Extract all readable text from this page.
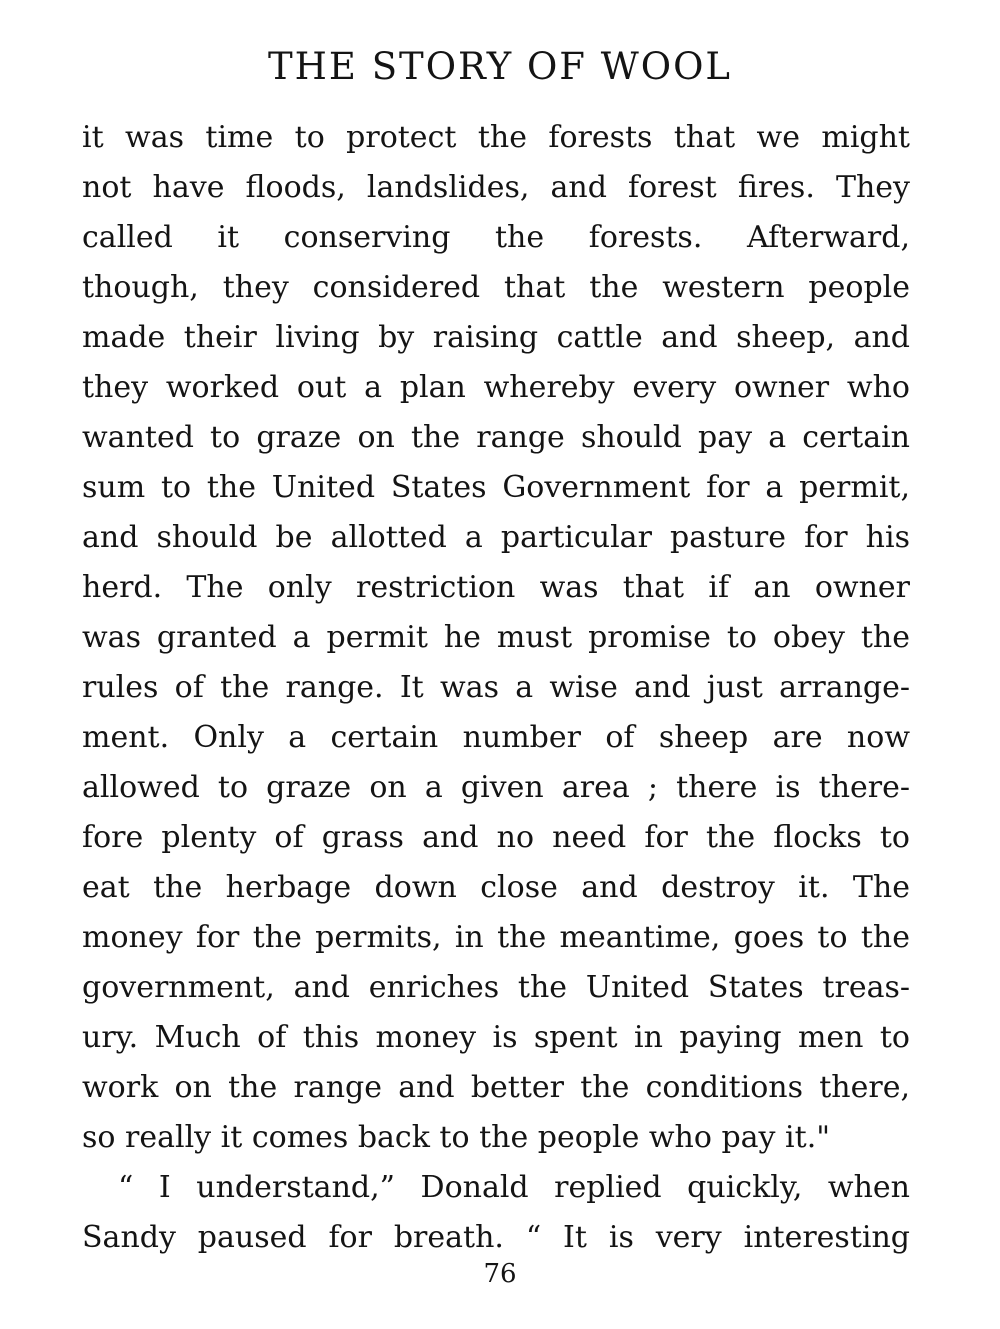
THE STORY OF WOOL
it was time to protect the forests that we might
not have floods, landslides, and forest fires. They
called it conserving the forests. Afterward,
though, they considered that the western people
made their living by raising cattle and sheep, and
they worked out a plan whereby every owner who
wanted to graze on the range should pay a certain
sum to the United States Government for a permit,
and should be allotted a particular pasture for his
herd. The only restriction was that if an owner
was granted a permit he must promise to obey the
rules of the range. It was a wise and just arrange-
ment. Only a certain number of sheep are now
allowed to graze on a given area ; there is there-
fore plenty of grass and no need for the flocks to
eat the herbage down close and destroy it. The
money for the permits, in the meantime, goes to the
government, and enriches the United States treas-
ury. Much of this money is spent in paying men to
work on the range and better the conditions there,
so really it comes back to the people who pay it."
“ I understand,” Donald replied quickly, when
Sandy paused for breath. “ It is very interesting
76
